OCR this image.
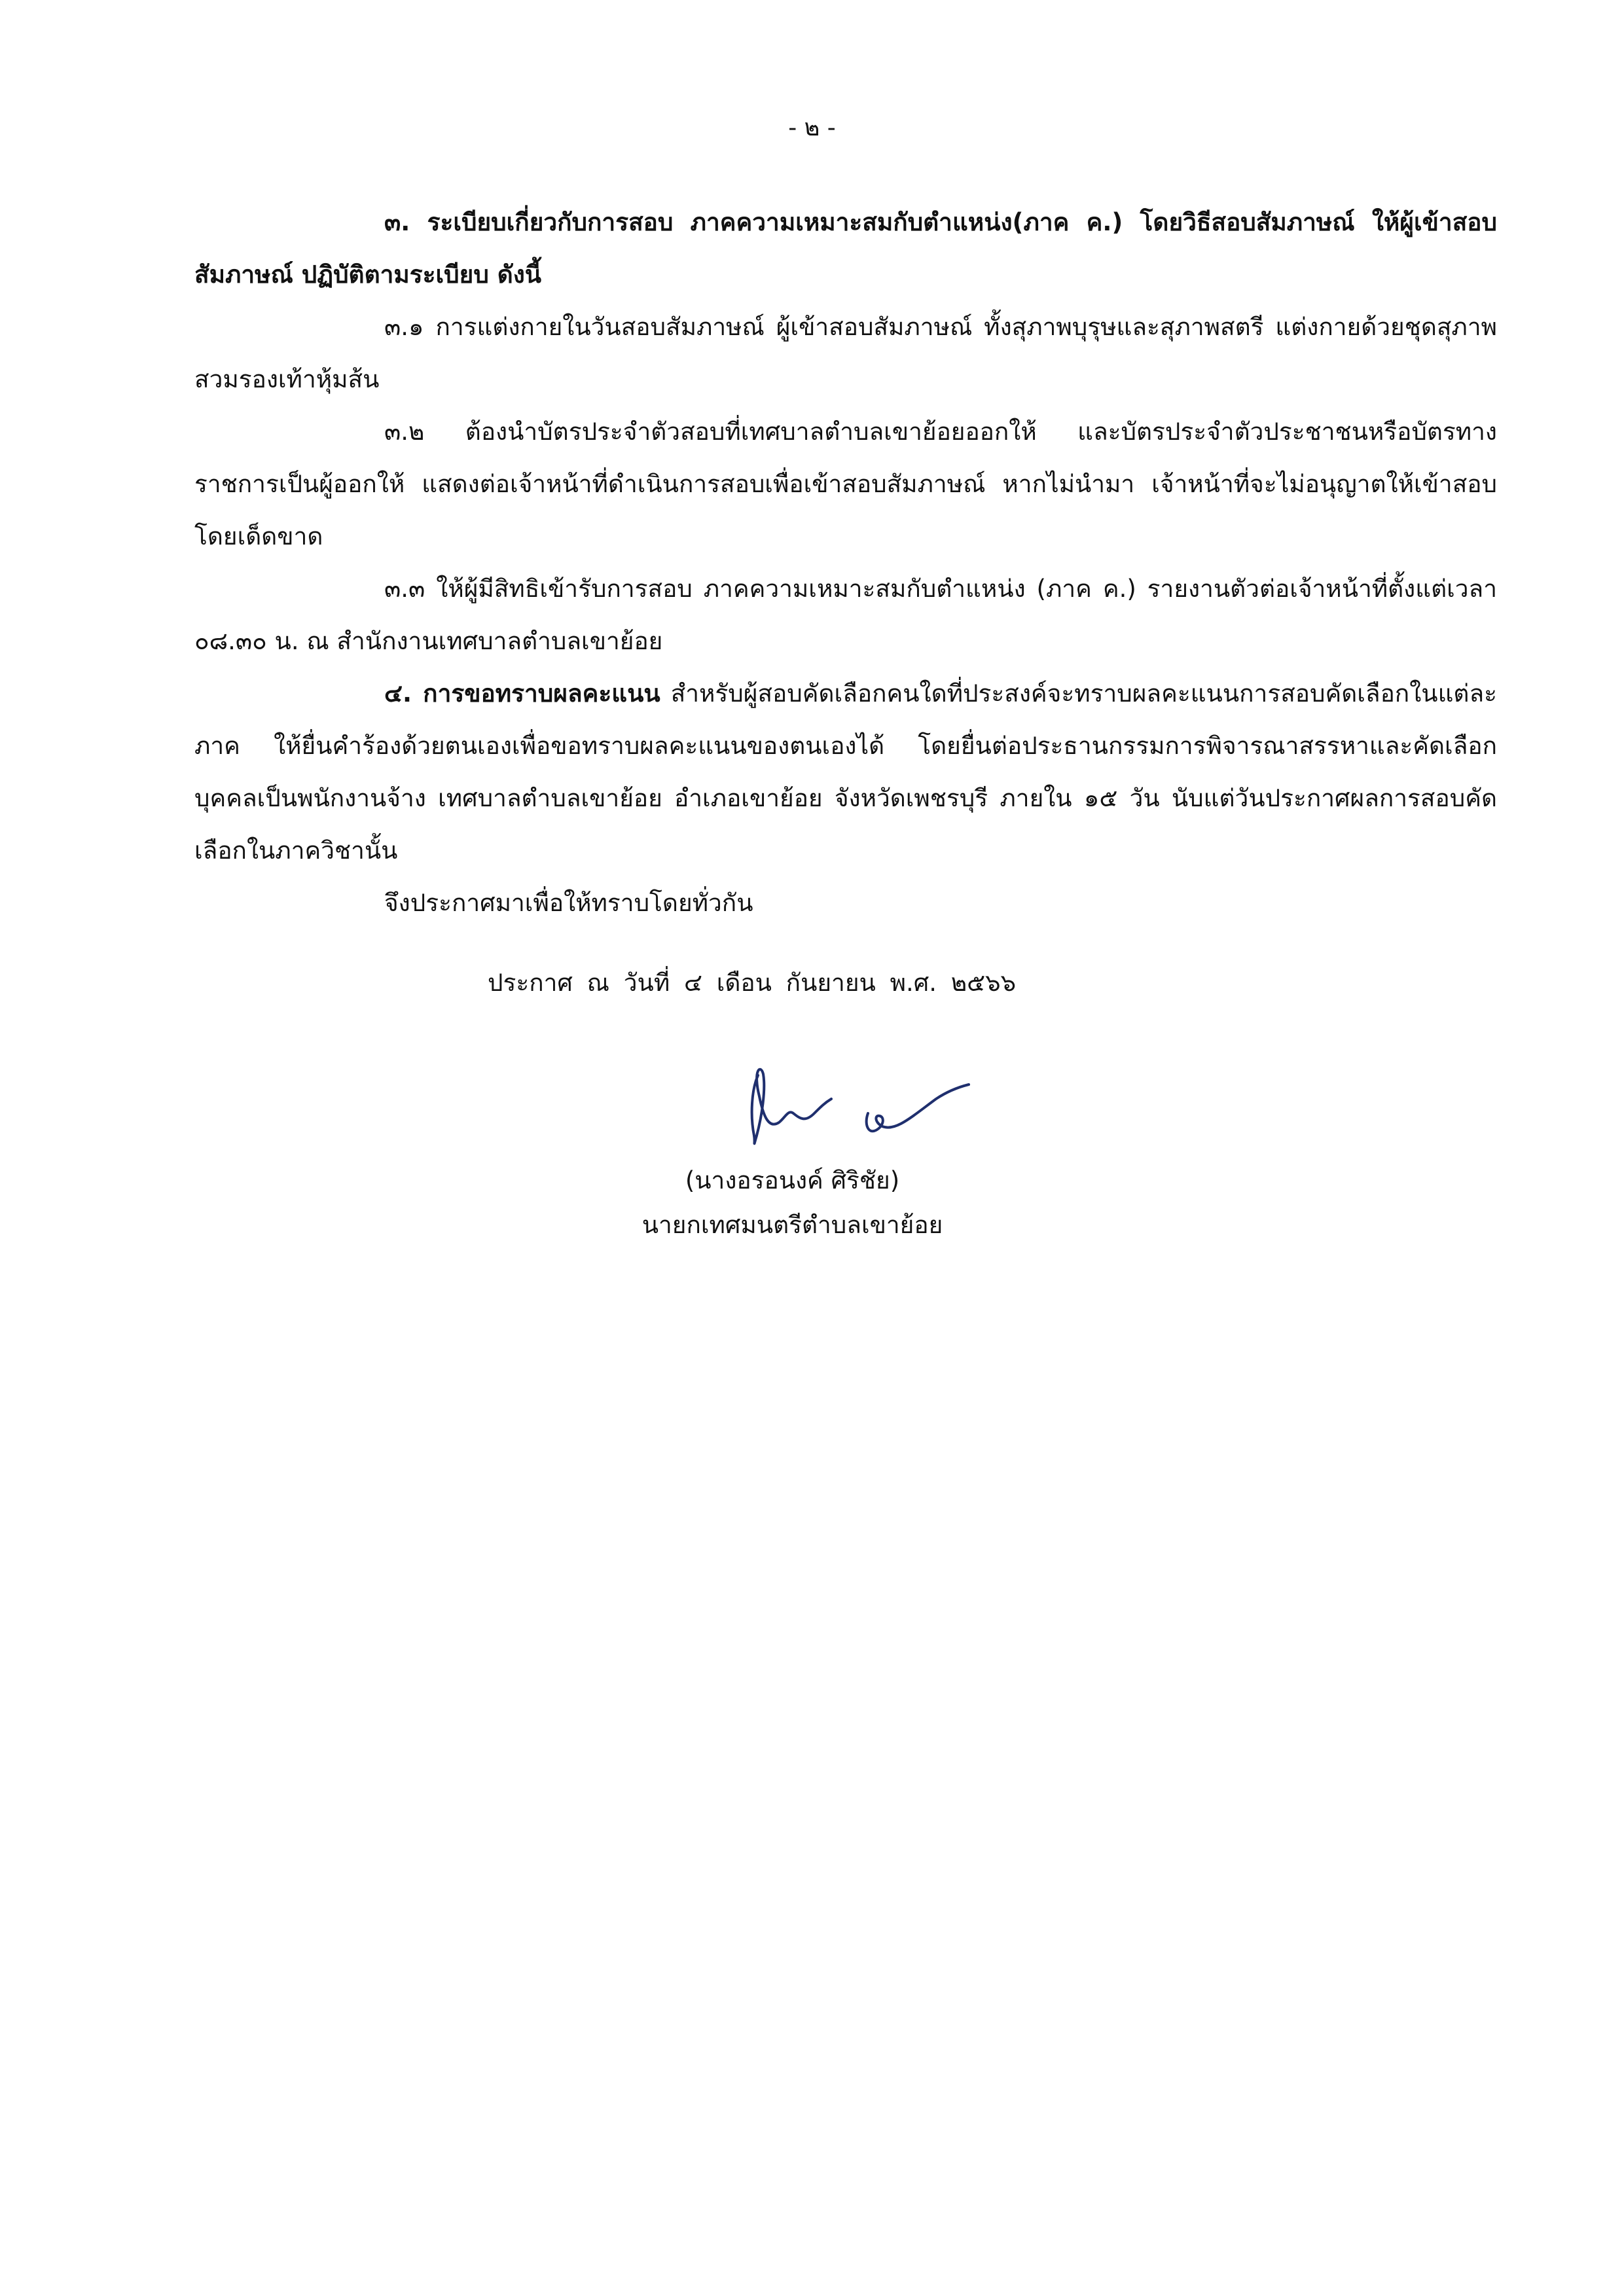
- ๒ -

๓. ระเบียบเกี่ยวกับการสอบ ภาคความเหมาะสมกับตำแหน่ง(ภาค ค.) โดยวิธีสอบสัมภาษณ์ ให้ผู้เข้าสอบสัมภาษณ์ ปฏิบัติตามระเบียบ ดังนี้

๓.๑ การแต่งกายในวันสอบสัมภาษณ์ ผู้เข้าสอบสัมภาษณ์ ทั้งสุภาพบุรุษและสุภาพสตรี แต่งกายด้วยชุดสุภาพ สวมรองเท้าหุ้มส้น

๓.๒ ต้องนำบัตรประจำตัวสอบที่เทศบาลตำบลเขาย้อยออกให้ และบัตรประจำตัวประชาชนหรือบัตรทางราชการเป็นผู้ออกให้ แสดงต่อเจ้าหน้าที่ดำเนินการสอบเพื่อเข้าสอบสัมภาษณ์ หากไม่นำมา เจ้าหน้าที่จะไม่อนุญาตให้เข้าสอบโดยเด็ดขาด

๓.๓ ให้ผู้มีสิทธิเข้ารับการสอบ ภาคความเหมาะสมกับตำแหน่ง (ภาค ค.) รายงานตัวต่อเจ้าหน้าที่ตั้งแต่เวลา ๐๘.๓๐ น. ณ สำนักงานเทศบาลตำบลเขาย้อย

๔. การขอทราบผลคะแนน สำหรับผู้สอบคัดเลือกคนใดที่ประสงค์จะทราบผลคะแนนการสอบคัดเลือกในแต่ละภาค ให้ยื่นคำร้องด้วยตนเองเพื่อขอทราบผลคะแนนของตนเองได้ โดยยื่นต่อประธานกรรมการพิจารณาสรรหาและคัดเลือกบุคคลเป็นพนักงานจ้าง เทศบาลตำบลเขาย้อย อำเภอเขาย้อย จังหวัดเพชรบุรี ภายใน ๑๕ วัน นับแต่วันประกาศผลการสอบคัดเลือกในภาควิชานั้น

จึงประกาศมาเพื่อให้ทราบโดยทั่วกัน
ประกาศ ณ วันที่ ๔ เดือน กันยายน พ.ศ. ๒๕๖๖
(นางอรอนงค์ ศิริชัย)
นายกเทศมนตรีตำบลเขาย้อย
